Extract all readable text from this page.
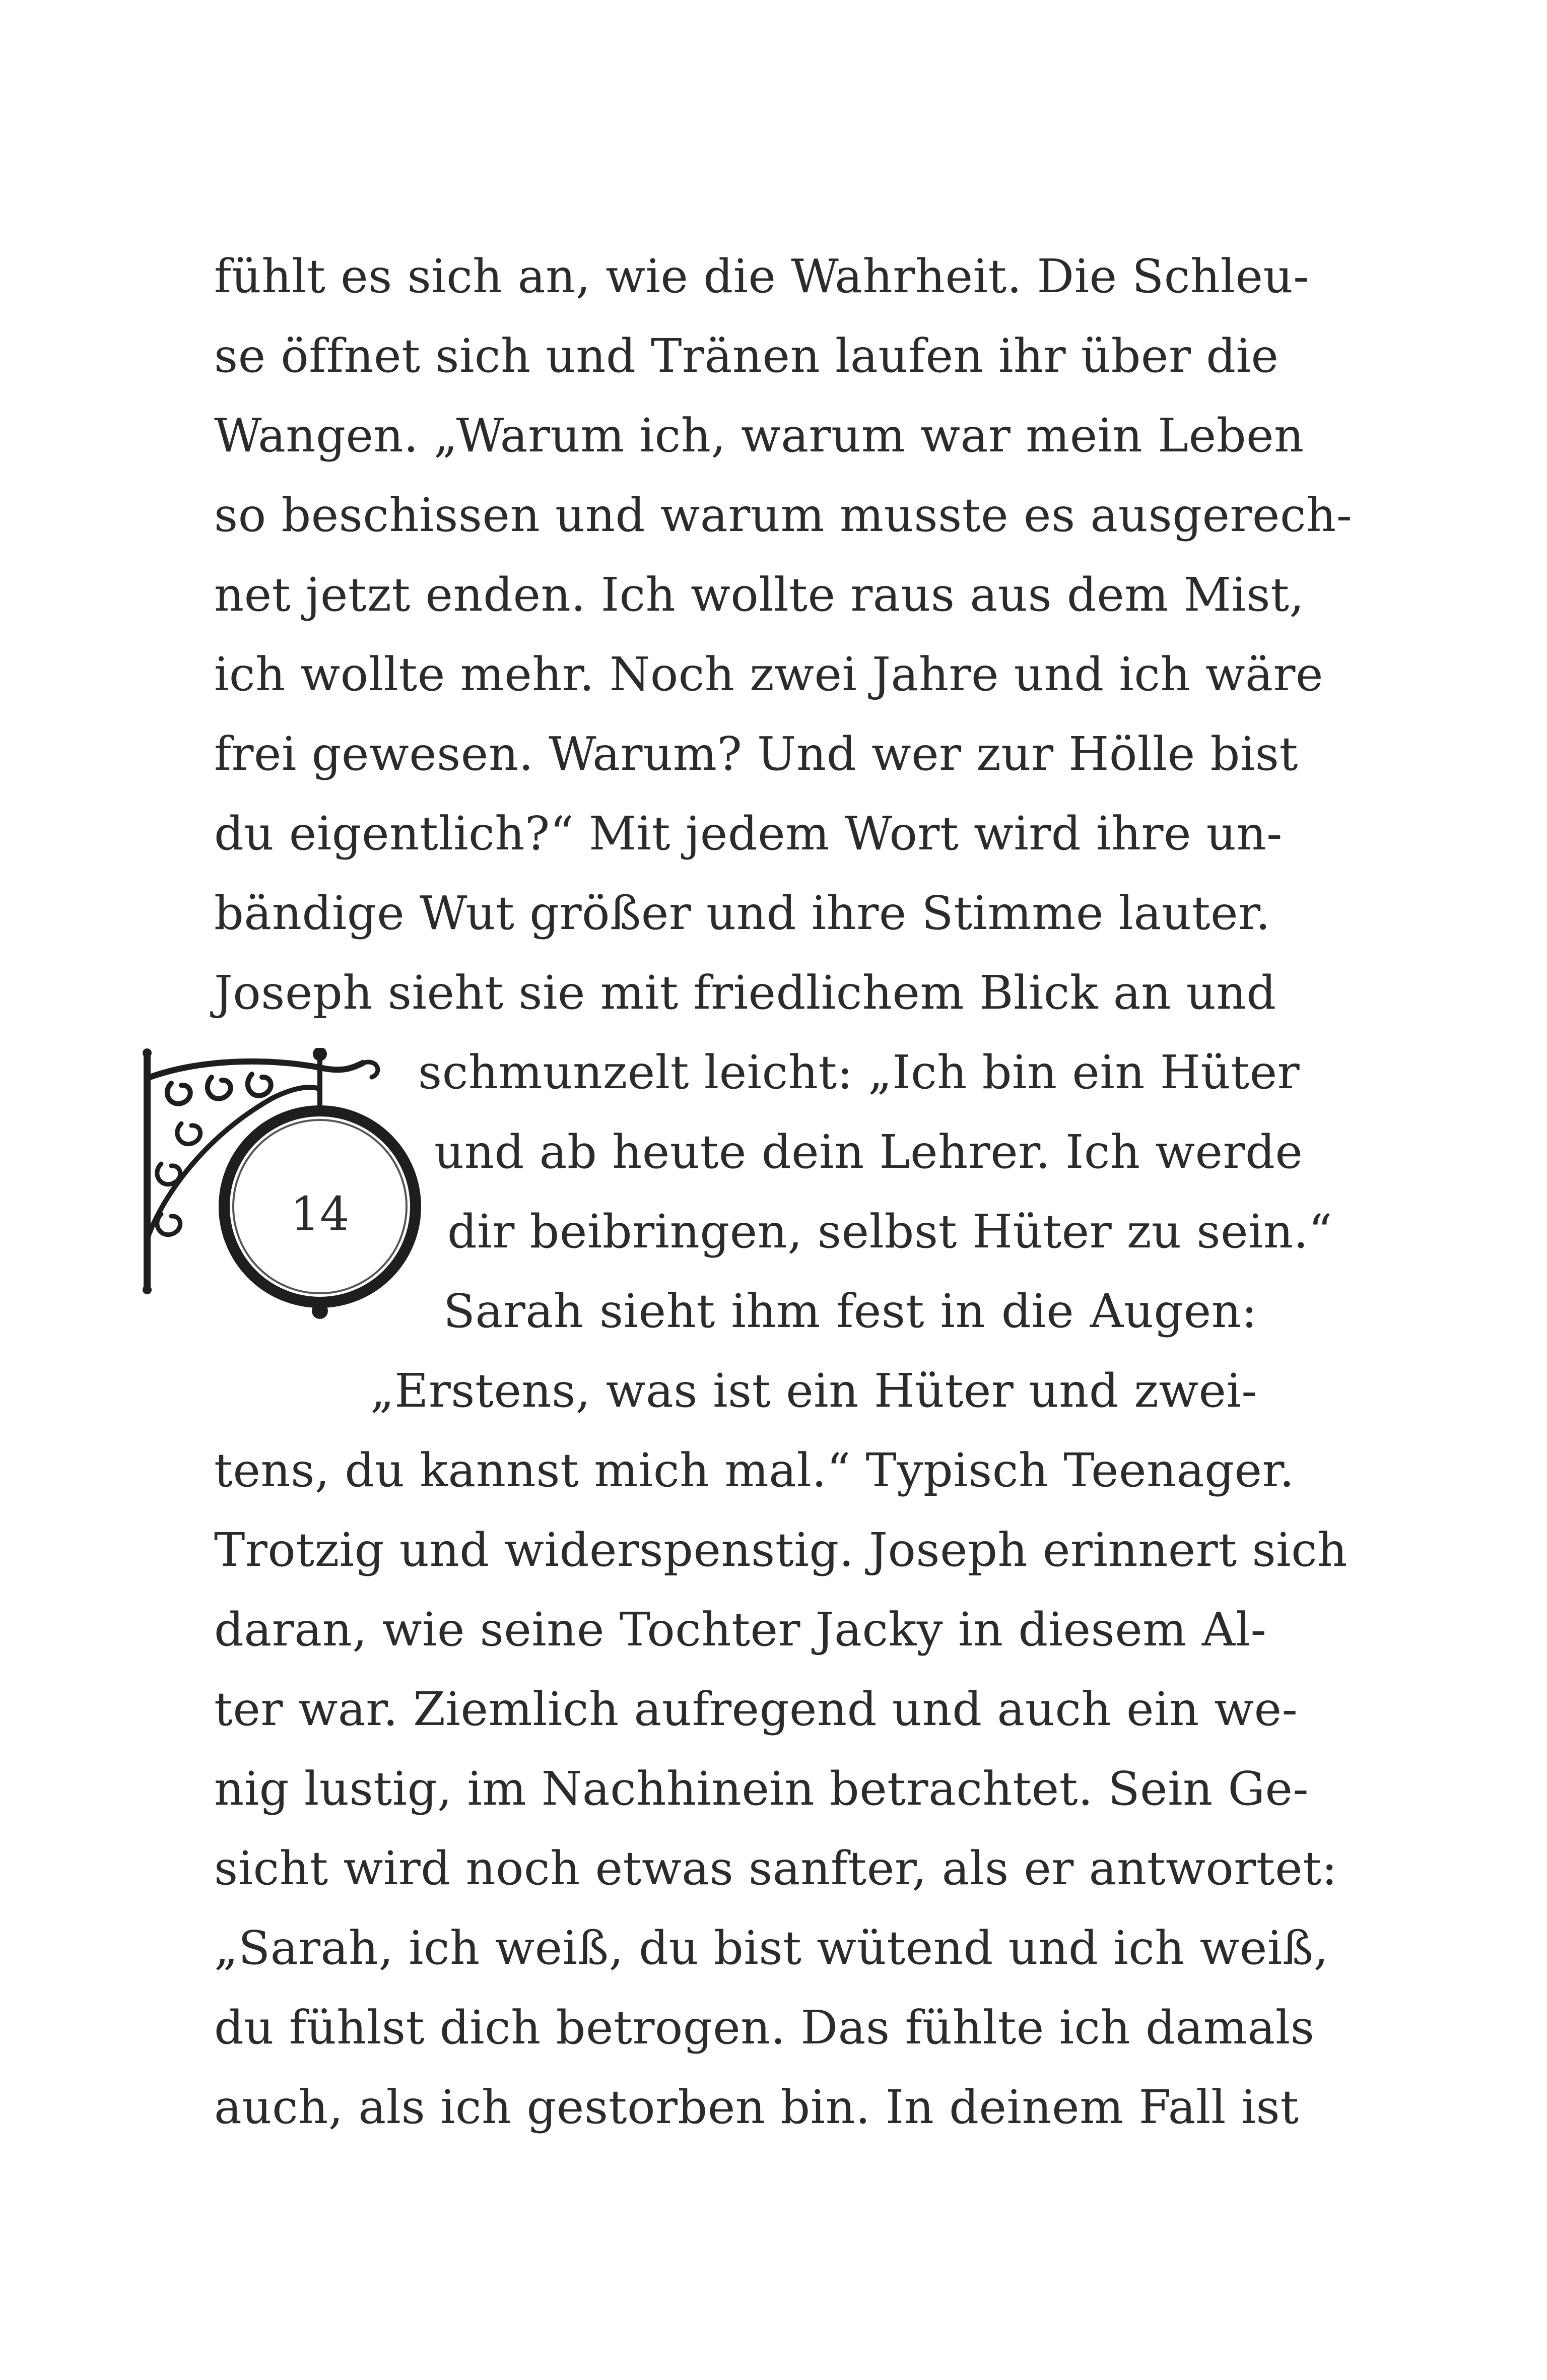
fühlt es sich an, wie die Wahrheit. Die Schleu-
se öffnet sich und Tränen laufen ihr über die
Wangen. „Warum ich, warum war mein Leben
so beschissen und warum musste es ausgerech-
net jetzt enden. Ich wollte raus aus dem Mist,
ich wollte mehr. Noch zwei Jahre und ich wäre
frei gewesen. Warum? Und wer zur Hölle bist
du eigentlich?“ Mit jedem Wort wird ihre un-
bändige Wut größer und ihre Stimme lauter.
Joseph sieht sie mit friedlichem Blick an und
schmunzelt leicht: „Ich bin ein Hüter
und ab heute dein Lehrer. Ich werde
dir beibringen, selbst Hüter zu sein.“
Sarah sieht ihm fest in die Augen:
„Erstens, was ist ein Hüter und zwei-
tens, du kannst mich mal.“ Typisch Teenager.
Trotzig und widerspenstig. Joseph erinnert sich
daran, wie seine Tochter Jacky in diesem Al-
ter war. Ziemlich aufregend und auch ein we-
nig lustig, im Nachhinein betrachtet. Sein Ge-
sicht wird noch etwas sanfter, als er antwortet:
„Sarah, ich weiß, du bist wütend und ich weiß,
du fühlst dich betrogen. Das fühlte ich damals
auch, als ich gestorben bin. In deinem Fall ist
14
